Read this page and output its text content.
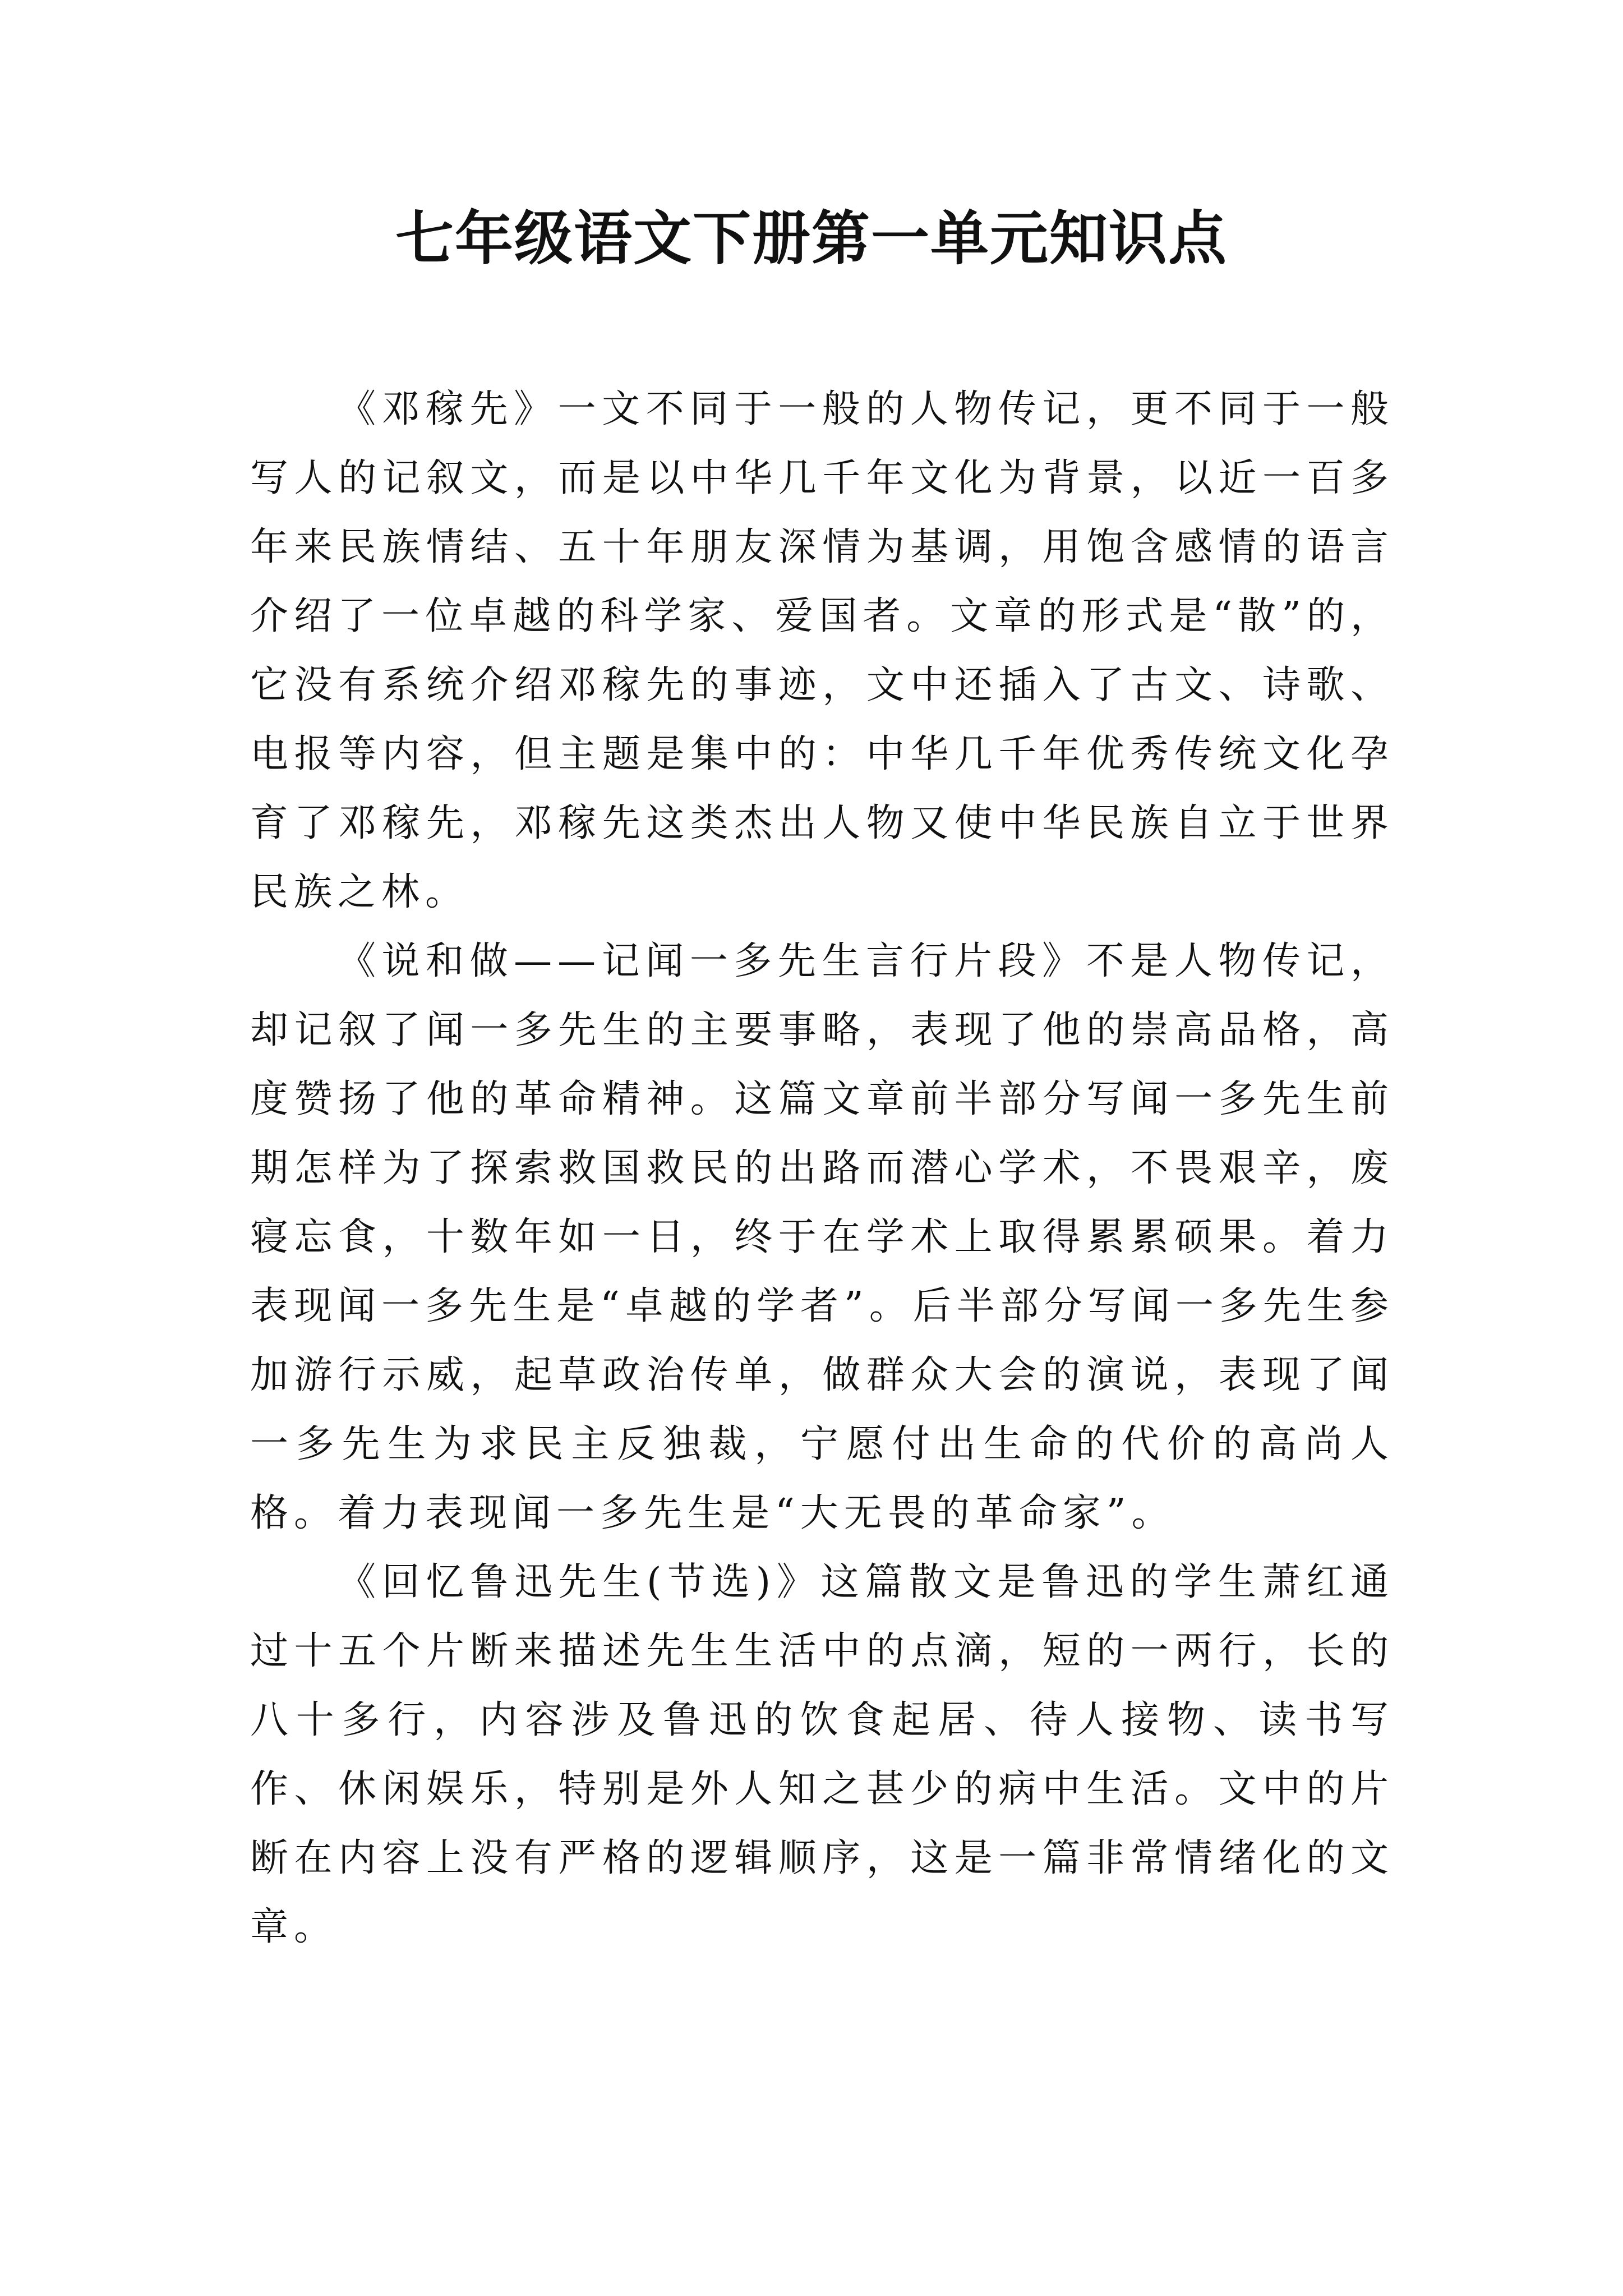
七年级语文下册第一单元知识点

《邓稼先》一文不同于一般的人物传记，更不同于一般写人的记叙文，而是以中华几千年文化为背景，以近一百多年来民族情结、五十年朋友深情为基调，用饱含感情的语言介绍了一位卓越的科学家、爱国者。文章的形式是“散”的，它没有系统介绍邓稼先的事迹，文中还插入了古文、诗歌、电报等内容，但主题是集中的：中华几千年优秀传统文化孕育了邓稼先，邓稼先这类杰出人物又使中华民族自立于世界民族之林。

《说和做——记闻一多先生言行片段》不是人物传记，却记叙了闻一多先生的主要事略，表现了他的崇高品格，高度赞扬了他的革命精神。这篇文章前半部分写闻一多先生前期怎样为了探索救国救民的出路而潜心学术，不畏艰辛，废寝忘食，十数年如一日，终于在学术上取得累累硕果。着力表现闻一多先生是“卓越的学者”。后半部分写闻一多先生参加游行示威，起草政治传单，做群众大会的演说，表现了闻一多先生为求民主反独裁，宁愿付出生命的代价的高尚人格。着力表现闻一多先生是“大无畏的革命家”。

《回忆鲁迅先生(节选)》这篇散文是鲁迅的学生萧红通过十五个片断来描述先生生活中的点滴，短的一两行，长的八十多行，内容涉及鲁迅的饮食起居、待人接物、读书写作、休闲娱乐，特别是外人知之甚少的病中生活。文中的片断在内容上没有严格的逻辑顺序，这是一篇非常情绪化的文章。
